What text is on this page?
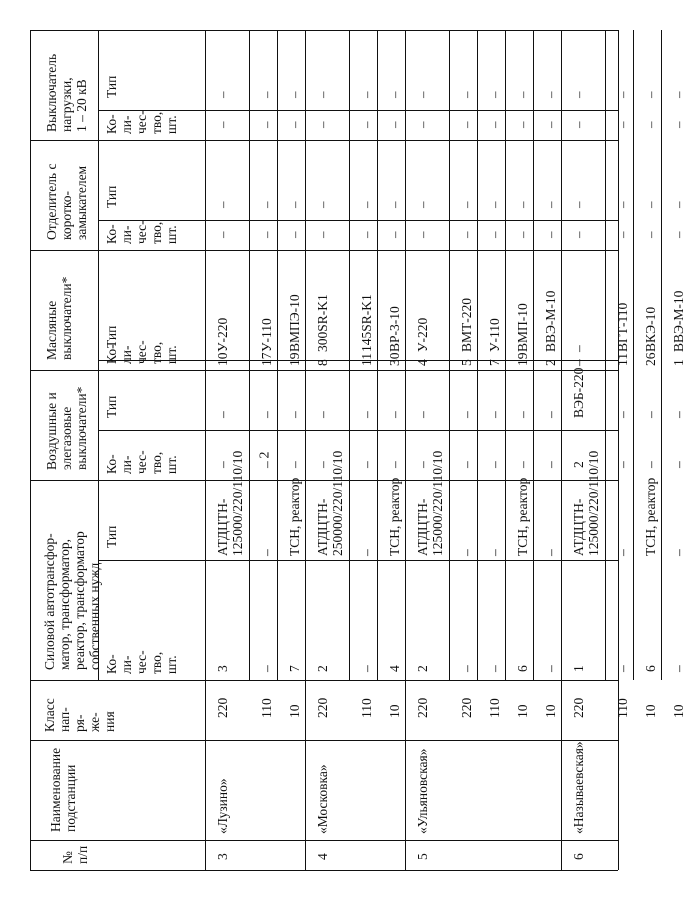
2
Выключатель нагрузки, 1 – 20 кВ
Отделитель с коротко- замыкателем
Масляные выключатели*
Воздушные и элегазовые выключатели*
Силовой автотрансфор- матор, трансформатор, реактор, трансформатор собственных нужд
Класс нап- ря- же- ния
Наименование подстанции
№ п/п
Тип
Ко- ли- чес- тво, шт.
Тип
Ко- ли- чес- тво, шт.
Тип
Ко- ли- чес- тво, шт.
Тип
Ко- ли- чес- тво, шт.
Тип
Ко- ли- чес- тво, шт.
–
–
–
–
10
У-220
–
–
3
АТДЦТН- 125000/220/110/10
220
«Лузино»
3
–
–
–
–
17
У-110
–
–
–
–
110
–
–
–
–
19
ВМПЭ-10
–
–
7
ТСН, реактор
10
–
–
–
–
8
300SR-K1
–
–
2
АТДЦТН- 250000/220/110/10
220
«Московка»
4
–
–
–
–
11
145SR-K1
–
–
–
–
110
–
–
–
–
30
ВР-3-10
–
–
4
ТСН, реактор
10
–
–
–
–
4
У-220
–
–
2
АТДЦТН- 125000/220/110/10
220
«Ульяновская»
5
–
–
–
–
5
ВМТ-220
–
–
–
–
220
–
–
–
–
7
У-110
–
–
–
–
110
–
–
–
–
19
ВМП-10
–
–
6
ТСН, реактор
10
–
–
–
–
2
ВВЭ-М-10
–
–
–
–
10
–
–
–
–
–
–
2
ВЭБ-220
1
АТДЦТН- 125000/220/110/10
220
«Называевская»
6
–
–
–
–
11
ВГТ-110
–
–
–
–
110
–
–
–
–
26
ВКЭ-10
–
–
6
ТСН, реактор
10
–
–
–
–
1
ВВЭ-М-10
–
–
–
–
10
